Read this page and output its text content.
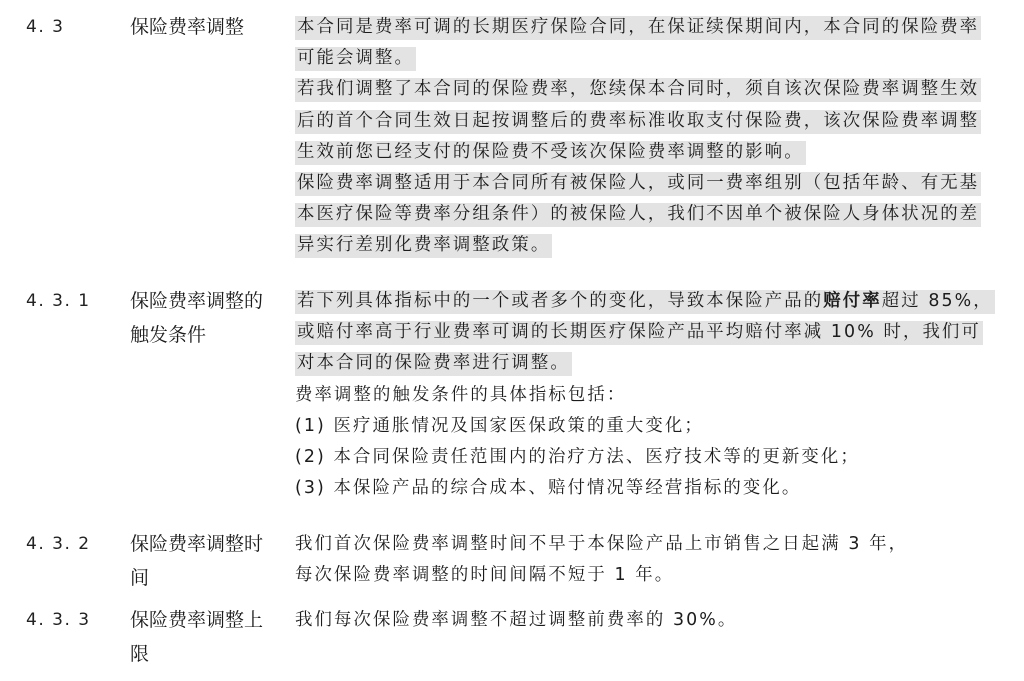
4. 3	保险费率调整	本合同是费率可调的长期医疗保险合同，在保证续保期间内，本合同的保险费率可能会调整。
若我们调整了本合同的保险费率，您续保本合同时，须自该次保险费率调整生效后的首个合同生效日起按调整后的费率标准收取支付保险费，该次保险费率调整生效前您已经支付的保险费不受该次保险费率调整的影响。
保险费率调整适用于本合同所有被保险人，或同一费率组别（包括年龄、有无基本医疗保险等费率分组条件）的被保险人，我们不因单个被保险人身体状况的差异实行差别化费率调整政策。
4. 3. 1 保险费率调整的触发条件
若下列具体指标中的一个或者多个的变化，导致本保险产品的赔付率超过 85%，或赔付率高于行业费率可调的长期医疗保险产品平均赔付率减 10% 时，我们可对本合同的保险费率进行调整。
费率调整的触发条件的具体指标包括：
(1) 医疗通胀情况及国家医保政策的重大变化；
(2) 本合同保险责任范围内的治疗方法、医疗技术等的更新变化；
(3) 本保险产品的综合成本、赔付情况等经营指标的变化。
4. 3. 2 保险费率调整时间
我们首次保险费率调整时间不早于本保险产品上市销售之日起满 3 年，
每次保险费率调整的时间间隔不短于 1 年。
4. 3. 3 保险费率调整上限
我们每次保险费率调整不超过调整前费率的 30%。
